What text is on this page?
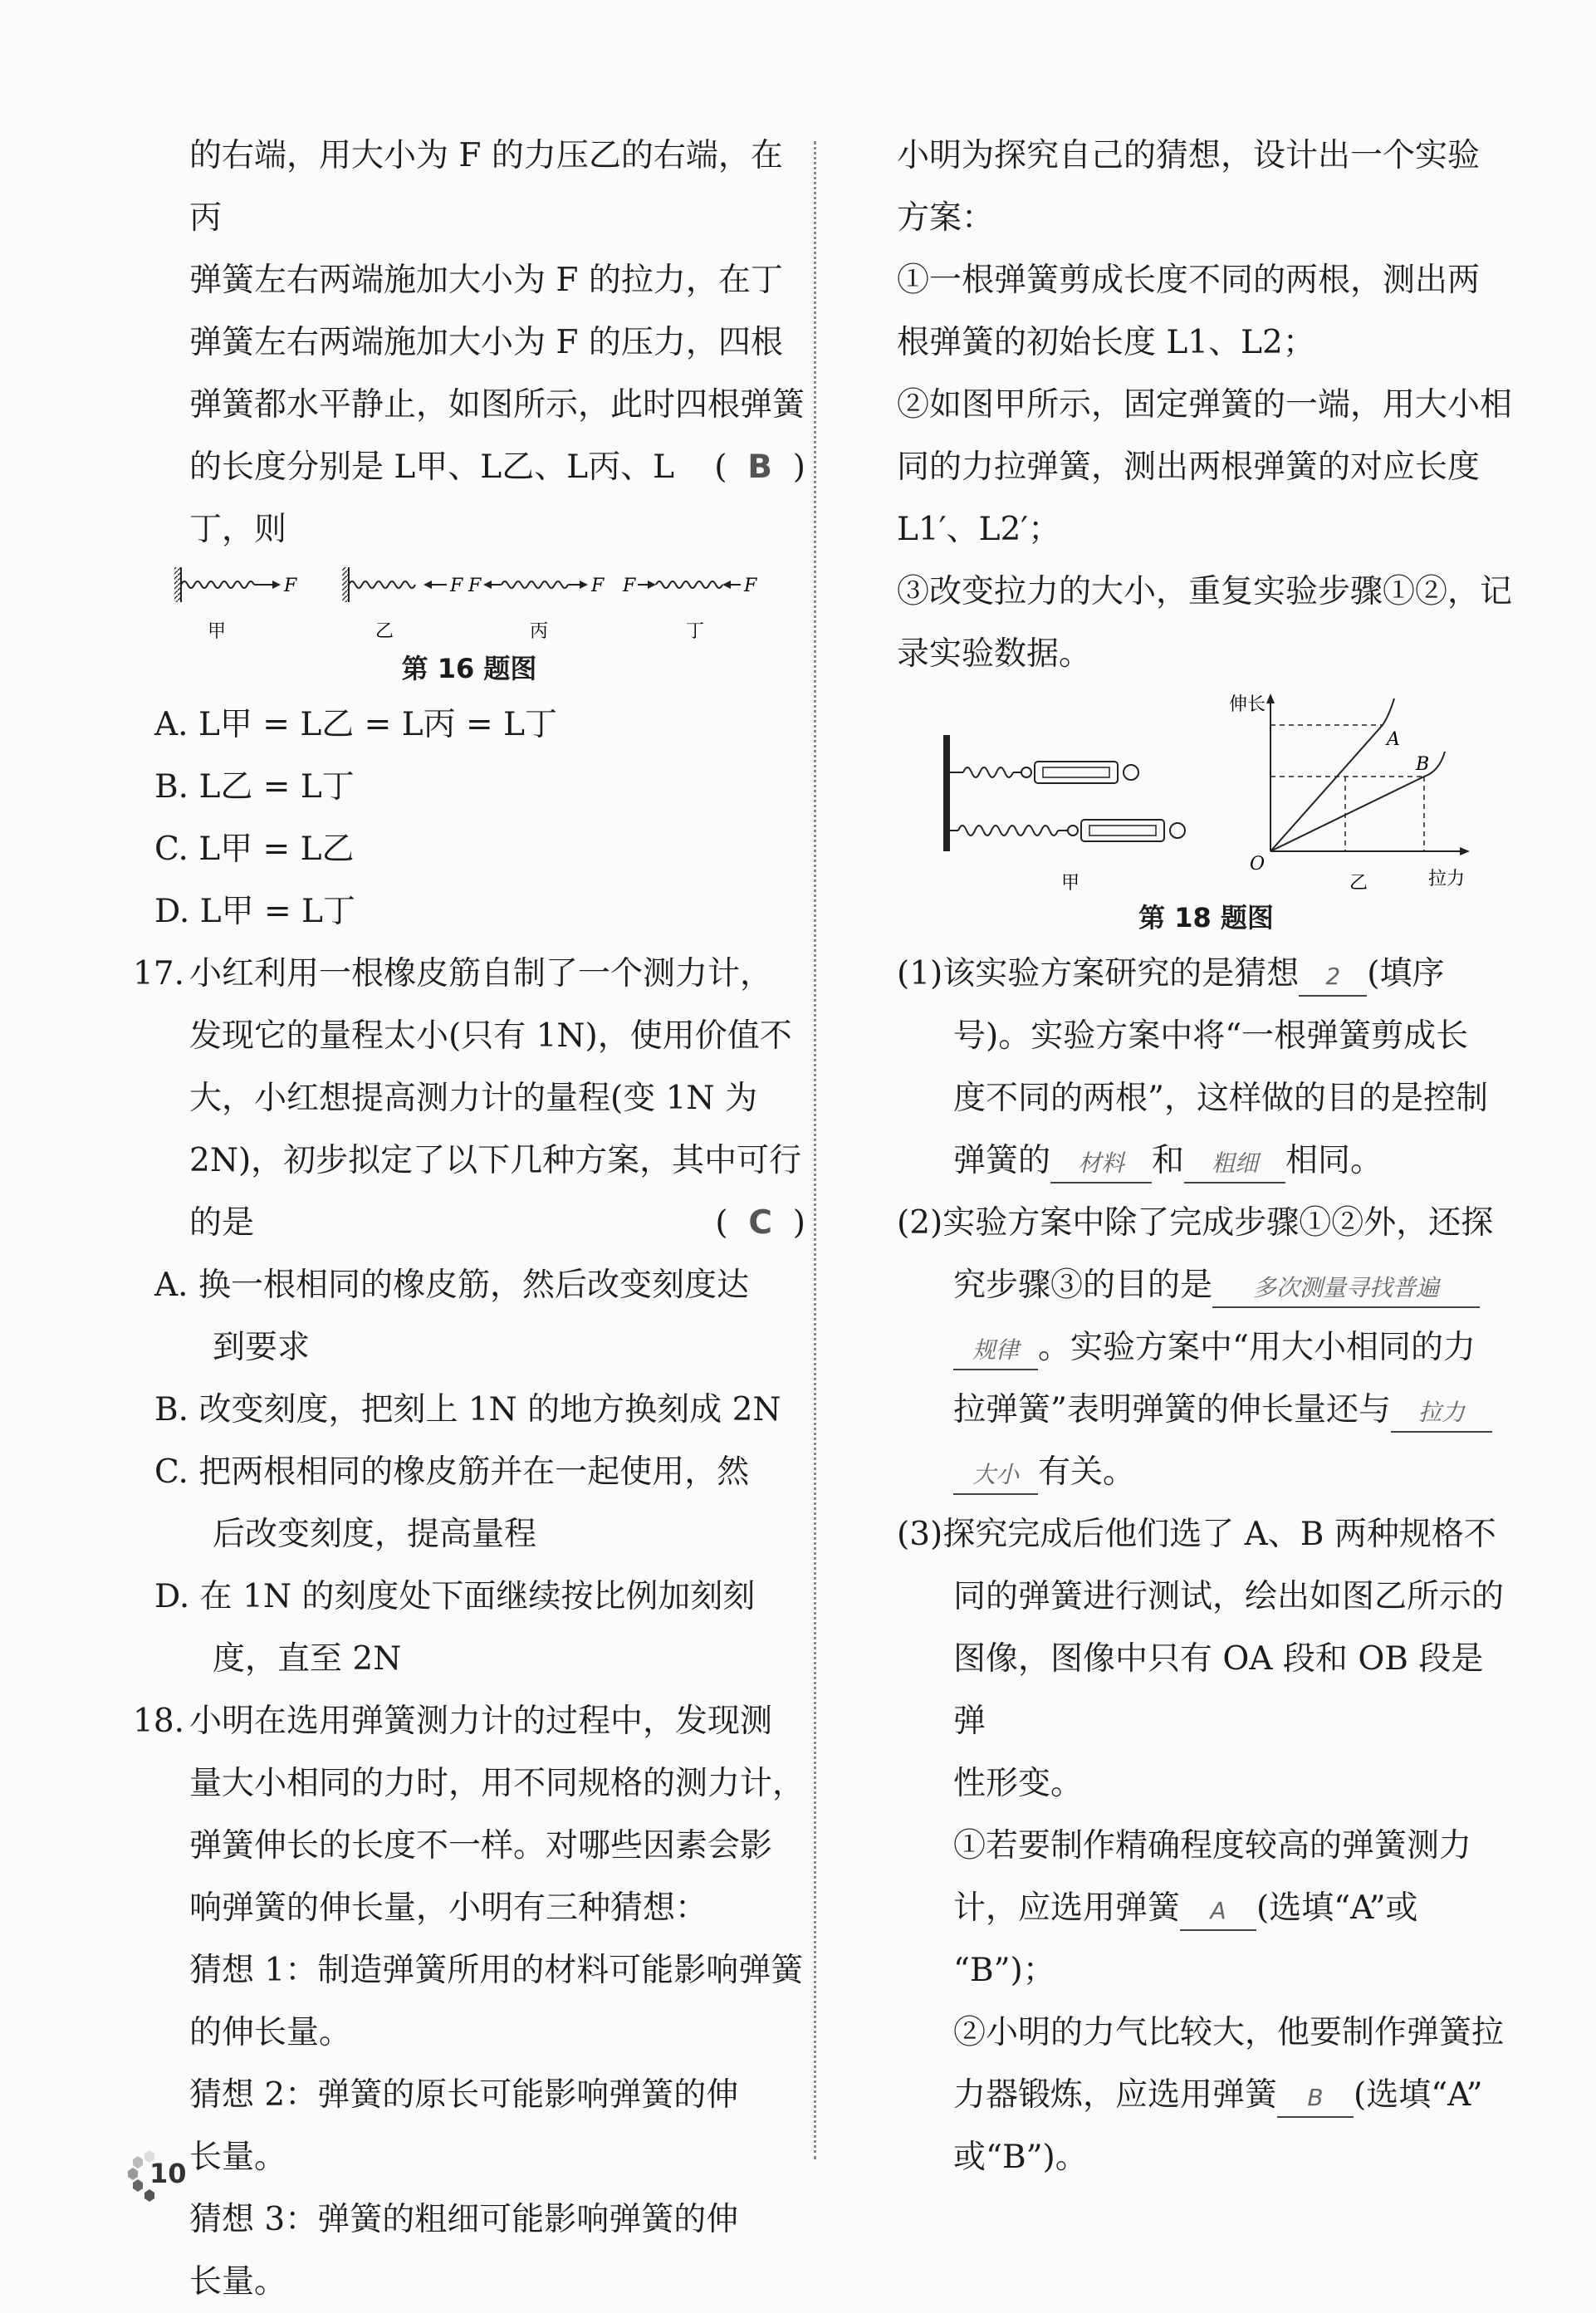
的右端，用大小为 F 的力压乙的右端，在丙

弹簧左右两端施加大小为 F 的拉力，在丁

弹簧左右两端施加大小为 F 的压力，四根

弹簧都水平静止，如图所示，此时四根弹簧

的长度分别是 L甲、L乙、L丙、L丁，则
( B )

F
甲
F
乙
F	F
丙
F	F
丁

第 16 题图

A. L甲 = L乙 = L丙 = L丁

B. L乙 = L丁

C. L甲 = L乙

D. L甲 = L丁

17. 小红利用一根橡皮筋自制了一个测力计，

发现它的量程太小(只有 1N)，使用价值不

大，小红想提高测力计的量程(变 1N 为

2N)，初步拟定了以下几种方案，其中可行

的是	( C )

A. 换一根相同的橡皮筋，然后改变刻度达

到要求

B. 改变刻度，把刻上 1N 的地方换刻成 2N

C. 把两根相同的橡皮筋并在一起使用，然

后改变刻度，提高量程

D. 在 1N 的刻度处下面继续按比例加刻刻

度，直至 2N

18. 小明在选用弹簧测力计的过程中，发现测

量大小相同的力时，用不同规格的测力计，

弹簧伸长的长度不一样。对哪些因素会影

响弹簧的伸长量，小明有三种猜想：

猜想 1：制造弹簧所用的材料可能影响弹簧

的伸长量。

猜想 2：弹簧的原长可能影响弹簧的伸

长量。

猜想 3：弹簧的粗细可能影响弹簧的伸

长量。

小明为探究自己的猜想，设计出一个实验

方案：

①一根弹簧剪成长度不同的两根，测出两

根弹簧的初始长度 L1、L2；

②如图甲所示，固定弹簧的一端，用大小相

同的力拉弹簧，测出两根弹簧的对应长度

L1′、L2′；

③改变拉力的大小，重复实验步骤①②，记

录实验数据。

甲
伸长
拉力
O
A
B
乙

第 18 题图

(1)该实验方案研究的是猜想 2 (填序

号)。实验方案中将“一根弹簧剪成长

度不同的两根”，这样做的目的是控制

弹簧的 材料 和 粗细 相同。

(2)实验方案中除了完成步骤①②外，还探

究步骤③的目的是 多次测量寻找普遍

规律 。实验方案中“用大小相同的力

拉弹簧”表明弹簧的伸长量还与 拉力

大小 有关。

(3)探究完成后他们选了 A、B 两种规格不

同的弹簧进行测试，绘出如图乙所示的

图像，图像中只有 OA 段和 OB 段是弹

性形变。

①若要制作精确程度较高的弹簧测力

计，应选用弹簧 A (选填“A”或

“B”)；

②小明的力气比较大，他要制作弹簧拉

力器锻炼，应选用弹簧 B (选填“A”

或“B”)。

10
